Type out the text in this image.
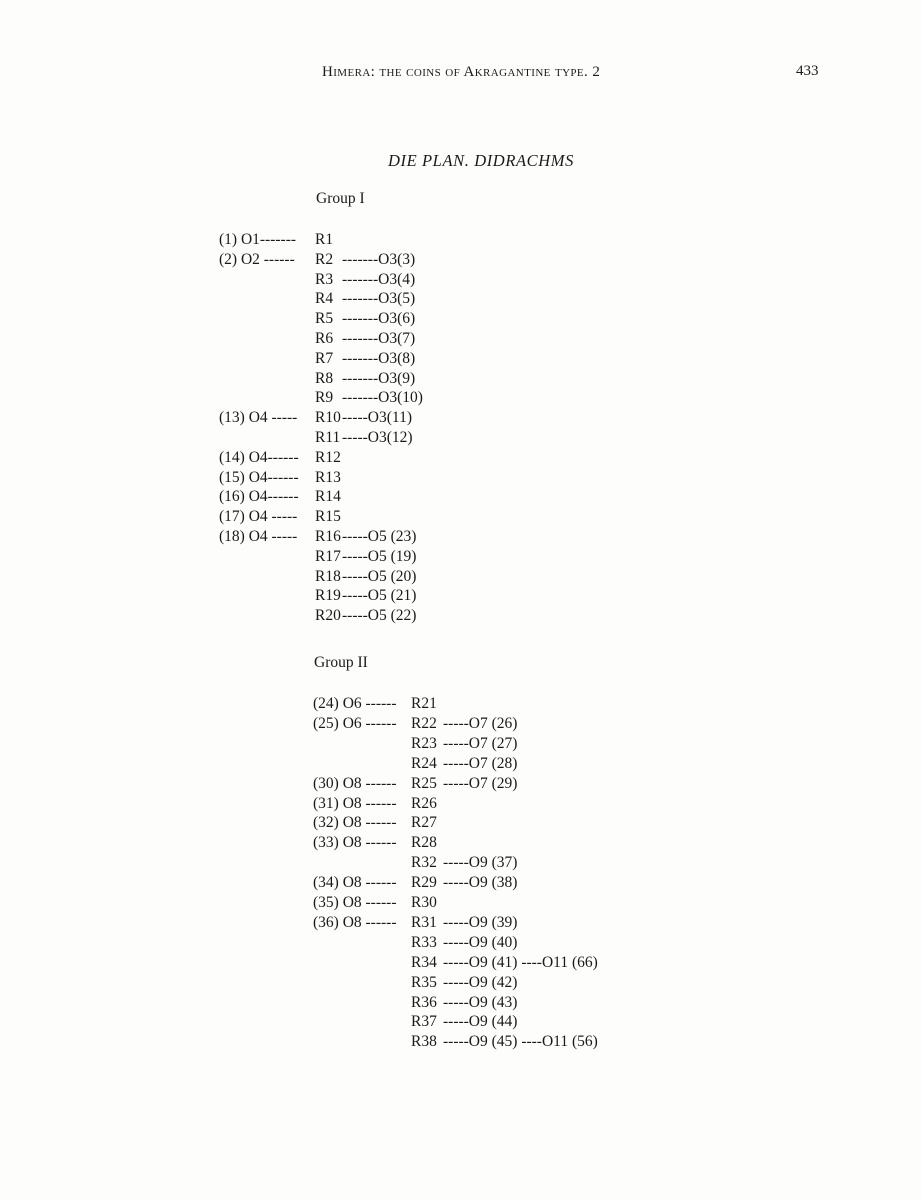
Himera: the coins of Akragantine type. 2	433
DIE PLAN. DIDRACHMS
Group I
Group II
(1) O1------- R1
(2) O2 ------ R2 -------O3(3)
R3 -------O3(4)
R4 -------O3(5)
R5 -------O3(6)
R6 -------O3(7)
R7 -------O3(8)
R8 -------O3(9)
R9 -------O3(10)
(13) O4 ----- R10 -----O3(11)
R11 -----O3(12)
(14) O4------ R12
(15) O4------ R13
(16) O4------ R14
(17) O4 ----- R15
(18) O4 ----- R16 -----O5 (23)
R17 -----O5 (19)
R18 -----O5 (20)
R19 -----O5 (21)
R20 -----O5 (22)
(24) O6 ------ R21
(25) O6 ------ R22 -----O7 (26)
R23 -----O7 (27)
R24 -----O7 (28)
(30) O8 ------ R25 -----O7 (29)
(31) O8 ------ R26
(32) O8 ------ R27
(33) O8 ------ R28
R32 -----O9 (37)
(34) O8 ------ R29 -----O9 (38)
(35) O8 ------ R30
(36) O8 ------ R31 -----O9 (39)
R33 -----O9 (40)
R34 -----O9 (41) ----O11 (66)
R35 -----O9 (42)
R36 -----O9 (43)
R37 -----O9 (44)
R38 -----O9 (45) ----O11 (56)
